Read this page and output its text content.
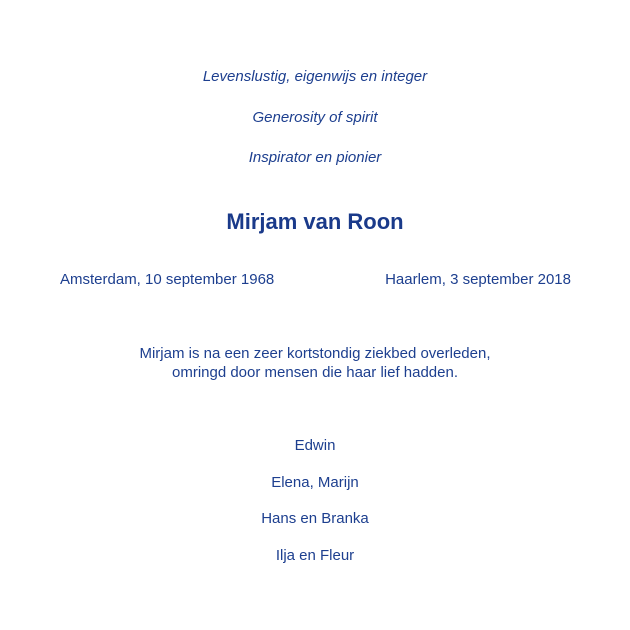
Levenslustig, eigenwijs en integer
Generosity of spirit
Inspirator en pionier
Mirjam van Roon
Amsterdam, 10 september 1968	Haarlem, 3 september 2018
Mirjam is na een zeer kortstondig ziekbed overleden,
omringd door mensen die haar lief hadden.
Edwin
Elena, Marijn
Hans en Branka
Ilja en Fleur
